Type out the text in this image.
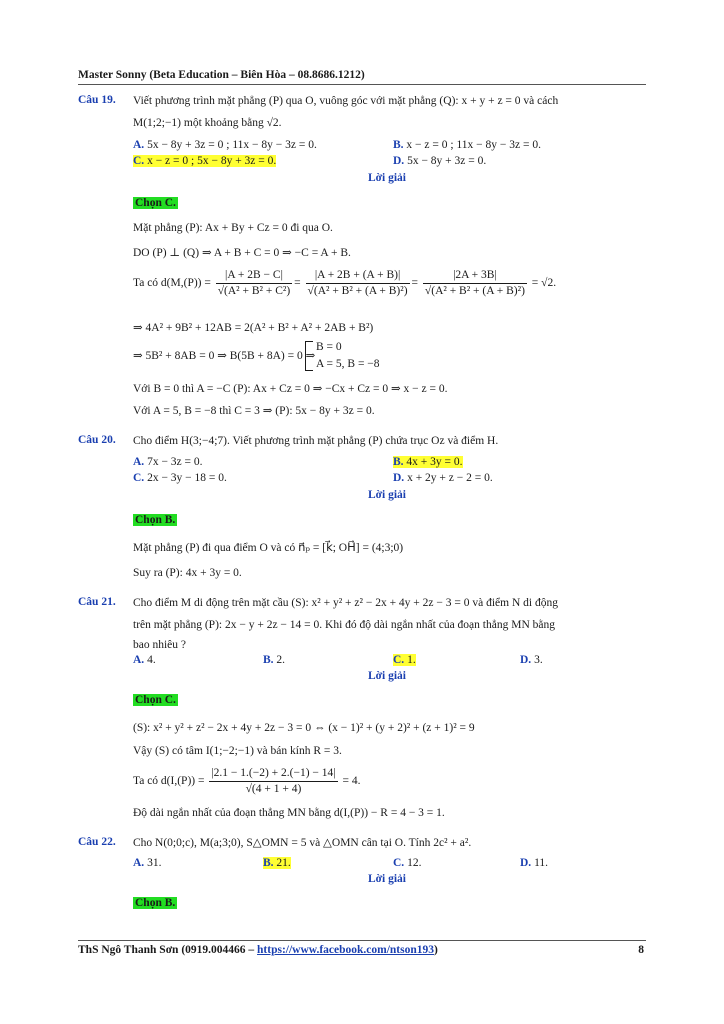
Master Sonny (Beta Education – Biên Hòa – 08.8686.1212)
Câu 19. Viết phương trình mặt phẳng (P) qua O, vuông góc với mặt phẳng (Q): x + y + z = 0 và cách
M(1;2;−1) một khoảng bằng √2.
A. 5x − 8y + 3z = 0 ; 11x − 8y − 3z = 0.	B. x − z = 0 ; 11x − 8y − 3z = 0.
C. x − z = 0 ; 5x − 8y + 3z = 0.	D. 5x − 8y + 3z = 0.
Lời giải
Chọn C.
Mặt phẳng (P): Ax + By + Cz = 0 đi qua O.
DO (P) ⊥ (Q) ⇒ A + B + C = 0 ⇒ −C = A + B.
Ta có $d(M,(P)) = \frac{|A + 2B - C|}{\text{√(A² + B² + C²)}} = \frac{|A + 2B + (A + B)|}{\text{√(A² + B² + (A + B)²)}} = \frac{|2A + 3B|}{\text{√(A² + B² + (A + B)²)}} = √2$.
⇒ 4A² + 9B² + 12AB = 2(A² + B² + A² + 2AB + B²)
⇒ 5B² + 8AB = 0 ⇒ B(5B + 8A) = 0 ⇒
B = 0
A = 5, B = −8
Với B = 0 thì A = −C (P): Ax + Cz = 0 ⇒ −Cx + Cz = 0 ⇒ x − z = 0.
Với A = 5, B = −8 thì C = 3 ⇒ (P): 5x − 8y + 3z = 0.
Câu 20. Cho điểm H(3;−4;7). Viết phương trình mặt phẳng (P) chứa trục Oz và điểm H.
A. 7x − 3z = 0.	B. 4x + 3y = 0.
C. 2x − 3y − 18 = 0.	D. x + 2y + z − 2 = 0.
Lời giải
Chọn B.
Mặt phẳng (P) đi qua điểm O và có n⃗ₚ = [k⃗; OH⃗] = (4;3;0)
Suy ra (P): 4x + 3y = 0.
Câu 21. Cho điểm M di động trên mặt cầu (S): x² + y² + z² − 2x + 4y + 2z − 3 = 0 và điểm N di động
trên mặt phẳng (P): 2x − y + 2z − 14 = 0. Khi đó độ dài ngắn nhất của đoạn thẳng MN bằng
bao nhiêu ?
A. 4.	B. 2.	C. 1.	D. 3.
Lời giải
Chọn C.
(S): x² + y² + z² − 2x + 4y + 2z − 3 = 0 ⇔ (x − 1)² + (y + 2)² + (z + 1)² = 9
Vậy (S) có tâm I(1;−2;−1) và bán kính R = 3.
Ta có $d(I,(P)) = \frac{|2.1 - 1.(-2) + 2.(-1) - 14|}{√(4 + 1 + 4)} = 4$.
Độ dài ngắn nhất của đoạn thẳng MN bằng d(I,(P)) − R = 4 − 3 = 1.
Câu 22. Cho N(0;0;c), M(a;3;0), S△OMN = 5 và △OMN cân tại O. Tính 2c² + a².
A. 31.	B. 21.	C. 12.	D. 11.
Lời giải
Chọn B.
ThS Ngô Thanh Sơn (0919.004466 – https://www.facebook.com/ntson193)	8
